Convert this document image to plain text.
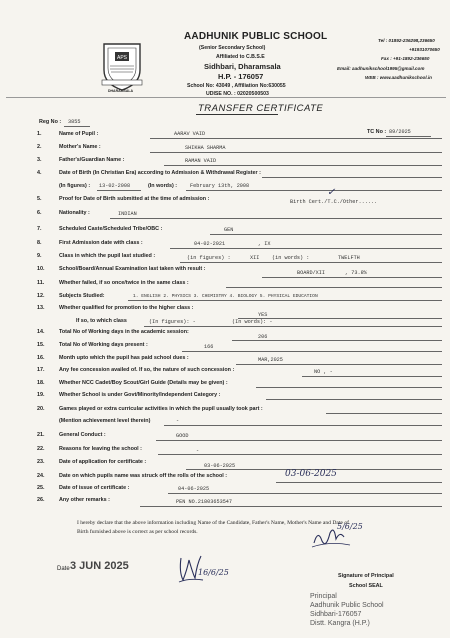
APS
DHARAMSALA
AADHUNIK PUBLIC SCHOOL
(Senior Secondary School)
Affiliated to C.B.S.E
Sidhbari, Dharamsala
H.P. - 176057
School No: 43049 , Affiliation No:630055
UDISE NO. : 02020500503
Tel : 01892-236298,236650
+91931070650
Fax : +91-1892-236650
Email: aadhunikschool1995@gmail.com
WEB : www.aadhunikschool.in
TRANSFER CERTIFICATE
Reg No : 3855
TC No : 89/2025
1.	Name of Pupil :	AARAV VAID
2.	Mother's Name :	SHIKHA SHARMA
3.	Father's/Guardian Name :	RAMAN VAID
4.	Date of Birth (In Christian Era) according to Admission & Withdrawal Register :
(In figures) : 13-02-2008	(In words) : February 13th, 2008
5.	Proof for Date of Birth submitted at the time of admission :	Birth Cert./T.C./Other......
✓
6.	Nationality :	INDIAN
7.	Scheduled Caste/Scheduled Tribe/OBC :	GEN
8.	First Admission date with class :	04-02-2021	, IX
9.	Class in which the pupil last studied :	(in figures) :	XII (in words) :	TWELFTH
10.	School/Board/Annual Examination last taken with result :
BOARD/XII	, 73.8%
11.	Whether failed, if so once/twice in the same class :
12.	Subjects Studied:	1. ENGLISH 2. PHYSICS 3. CHEMISTRY 4. BIOLOGY 5. PHYSICAL EDUCATION
13.	Whether qualified for promotion to the higher class :
YES
If so, to which class	(In figures): -	(In words): -
14.	Total No of Working days in the academic session:
206
15.	Total No of Working days present :	166
16.	Month upto which the pupil has paid school dues :	MAR,2025
17.	Any fee concession availed of. If so, the nature of such concession :	NO , -
18.	Whether NCC Cadet/Boy Scout/Girl Guide (Details may be given) :
19.	Whether School is under Govt/Minority/Independent Category :
20.	Games played or extra curricular activities in which the pupil usually took part :
(Mention achievement level therein)	-
21.	General Conduct :	GOOD
22.	Reasons for leaving the school :	-
23.	Date of application for certificate :
03-06-2025
24.	Date on which pupils name was struck off the rolls of the school :	03-06-2025
25.	Date of issue of certificate :	04-06-2025
26.	Any other remarks :	PEN NO.21803653547
I hereby declare that the above information including Name of the Candidate, Father's Name, Mother's Name and Date of
Birth furnished above is correct as per school records.
Date 3 JUN 2025
16/6/25
5/6/25
Signature of Principal
School SEAL
Principal
Aadhunik Public School
Sidhbari-176057
Distt. Kangra (H.P.)
